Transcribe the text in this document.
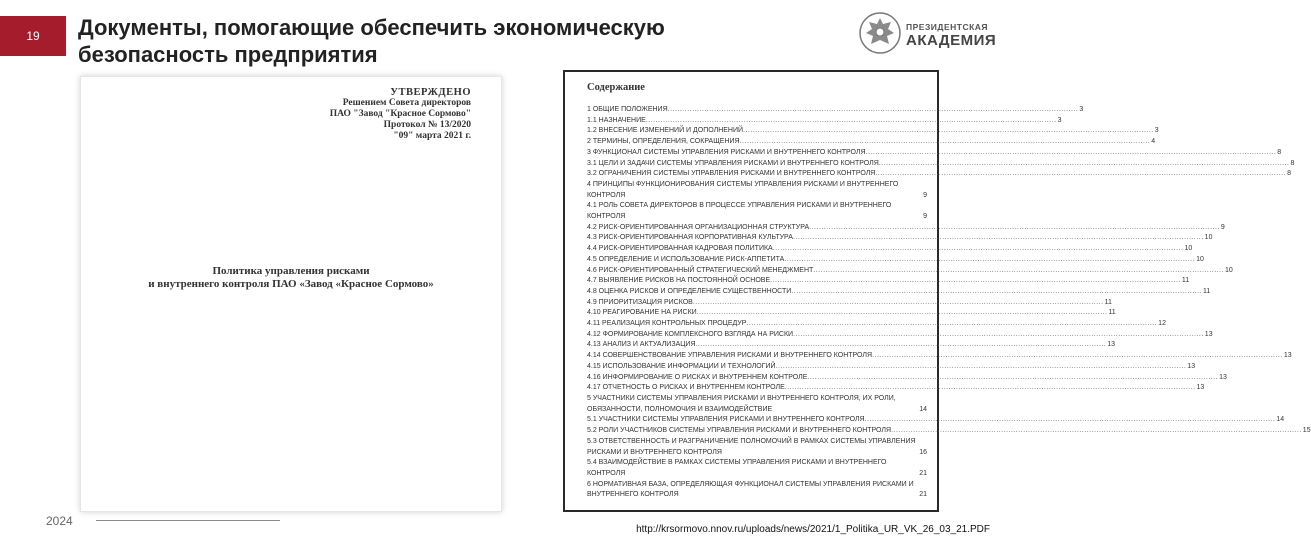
19 Документы, помогающие обеспечить экономическую
безопасность предприятия
ПРЕЗИДЕНТСКАЯ
АКАДЕМИЯ
УТВЕРЖДЕНО
Решением Совета директоров
ПАО "Завод "Красное Сормово"
Протокол № 13/2020
"09" марта 2021 г.
Политика управления рисками
и внутреннего контроля ПАО «Завод «Красное Сормово»
Содержание
1 ОБЩИЕ ПОЛОЖЕНИЯ .....	3
1.1 НАЗНАЧЕНИЕ .....	3
1.2 ВНЕСЕНИЕ ИЗМЕНЕНИЙ И ДОПОЛНЕНИЙ .....	3
2 ТЕРМИНЫ, ОПРЕДЕЛЕНИЯ, СОКРАЩЕНИЯ .....	4
3 ФУНКЦИОНАЛ СИСТЕМЫ УПРАВЛЕНИЯ РИСКАМИ И ВНУТРЕННЕГО КОНТРОЛЯ .....	8
3.1 ЦЕЛИ И ЗАДАЧИ СИСТЕМЫ УПРАВЛЕНИЯ РИСКАМИ И ВНУТРЕННЕГО КОНТРОЛЯ .....	8
3.2 ОГРАНИЧЕНИЯ СИСТЕМЫ УПРАВЛЕНИЯ РИСКАМИ И ВНУТРЕННЕГО КОНТРОЛЯ .....	8
4 ПРИНЦИПЫ ФУНКЦИОНИРОВАНИЯ СИСТЕМЫ УПРАВЛЕНИЯ РИСКАМИ И ВНУТРЕННЕГО КОНТРОЛЯ	9
4.1 РОЛЬ СОВЕТА ДИРЕКТОРОВ В ПРОЦЕССЕ УПРАВЛЕНИЯ РИСКАМИ И ВНУТРЕННЕГО КОНТРОЛЯ	9
4.2 РИСК-ОРИЕНТИРОВАННАЯ ОРГАНИЗАЦИОННАЯ СТРУКТУРА .....	9
4.3 РИСК-ОРИЕНТИРОВАННАЯ КОРПОРАТИВНАЯ КУЛЬТУРА .....	10
4.4 РИСК-ОРИЕНТИРОВАННАЯ КАДРОВАЯ ПОЛИТИКА .....	10
4.5 ОПРЕДЕЛЕНИЕ И ИСПОЛЬЗОВАНИЕ РИСК-АППЕТИТА .....	10
4.6 РИСК-ОРИЕНТИРОВАННЫЙ СТРАТЕГИЧЕСКИЙ МЕНЕДЖМЕНТ .....	10
4.7 ВЫЯВЛЕНИЕ РИСКОВ НА ПОСТОЯННОЙ ОСНОВЕ .....	11
4.8 ОЦЕНКА РИСКОВ И ОПРЕДЕЛЕНИЕ СУЩЕСТВЕННОСТИ .....	11
4.9 ПРИОРИТИЗАЦИЯ РИСКОВ .....	11
4.10 РЕАГИРОВАНИЕ НА РИСКИ .....	11
4.11 РЕАЛИЗАЦИЯ КОНТРОЛЬНЫХ ПРОЦЕДУР .....	12
4.12 ФОРМИРОВАНИЕ КОМПЛЕКСНОГО ВЗГЛЯДА НА РИСКИ .....	13
4.13 АНАЛИЗ И АКТУАЛИЗАЦИЯ .....	13
4.14 СОВЕРШЕНСТВОВАНИЕ УПРАВЛЕНИЯ РИСКАМИ И ВНУТРЕННЕГО КОНТРОЛЯ .....	13
4.15 ИСПОЛЬЗОВАНИЕ ИНФОРМАЦИИ И ТЕХНОЛОГИЙ .....	13
4.16 ИНФОРМИРОВАНИЕ О РИСКАХ И ВНУТРЕННЕМ КОНТРОЛЕ .....	13
4.17 ОТЧЕТНОСТЬ О РИСКАХ И ВНУТРЕННЕМ КОНТРОЛЕ .....	13
5 УЧАСТНИКИ СИСТЕМЫ УПРАВЛЕНИЯ РИСКАМИ И ВНУТРЕННЕГО КОНТРОЛЯ, ИХ РОЛИ, ОБЯЗАННОСТИ, ПОЛНОМОЧИЯ И ВЗАИМОДЕЙСТВИЕ	14
5.1 УЧАСТНИКИ СИСТЕМЫ УПРАВЛЕНИЯ РИСКАМИ И ВНУТРЕННЕГО КОНТРОЛЯ .....	14
5.2 РОЛИ УЧАСТНИКОВ СИСТЕМЫ УПРАВЛЕНИЯ РИСКАМИ И ВНУТРЕННЕГО КОНТРОЛЯ .....	15
5.3 ОТВЕТСТВЕННОСТЬ И РАЗГРАНИЧЕНИЕ ПОЛНОМОЧИЙ В РАМКАХ СИСТЕМЫ УПРАВЛЕНИЯ РИСКАМИ И ВНУТРЕННЕГО КОНТРОЛЯ	16
5.4 ВЗАИМОДЕЙСТВИЕ В РАМКАХ СИСТЕМЫ УПРАВЛЕНИЯ РИСКАМИ И ВНУТРЕННЕГО КОНТРОЛЯ	21
6 НОРМАТИВНАЯ БАЗА, ОПРЕДЕЛЯЮЩАЯ ФУНКЦИОНАЛ СИСТЕМЫ УПРАВЛЕНИЯ РИСКАМИ И ВНУТРЕННЕГО КОНТРОЛЯ	21
2024
http://krsormovo.nnov.ru/uploads/news/2021/1_Politika_UR_VK_26_03_21.PDF
